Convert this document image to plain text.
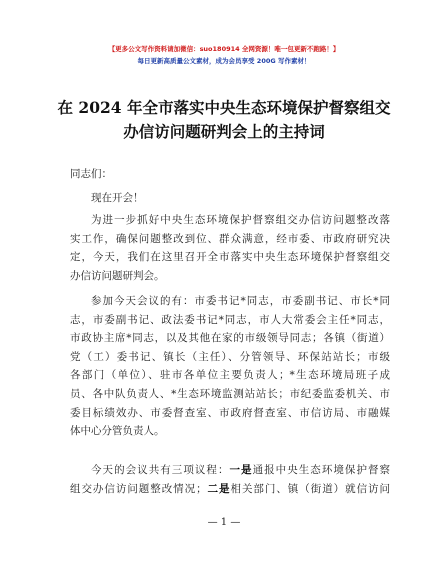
【更多公文写作资料请加微信：suo180914 全网资源！唯一包更新不跑路！】
每日更新高质量公文素材，成为会员享受 200G 写作素材！
在 2024 年全市落实中央生态环境保护督察组交
办信访问题研判会上的主持词
同志们：
现在开会！
为进一步抓好中央生态环境保护督察组交办信访问题整改落
实工作，确保问题整改到位、群众满意，经市委、市政府研究决
定，今天，我们在这里召开全市落实中央生态环境保护督察组交
办信访问题研判会。
参加今天会议的有：市委书记*同志，市委副书记、市长*同
志，市委副书记、政法委书记*同志，市人大常委会主任*同志，
市政协主席*同志，以及其他在家的市级领导同志；各镇（街道）
党（工）委书记、镇长（主任）、分管领导、环保站站长；市级
各部门（单位）、驻市各单位主要负责人；*生态环境局班子成
员、各中队负责人、*生态环境监测站站长；市纪委监委机关、市
委目标绩效办、市委督查室、市政府督查室、市信访局、市融媒
体中心分管负责人。
今天的会议共有三项议程：一是通报中央生态环境保护督察
组交办信访问题整改情况；二是相关部门、镇（街道）就信访问
— 1 —
